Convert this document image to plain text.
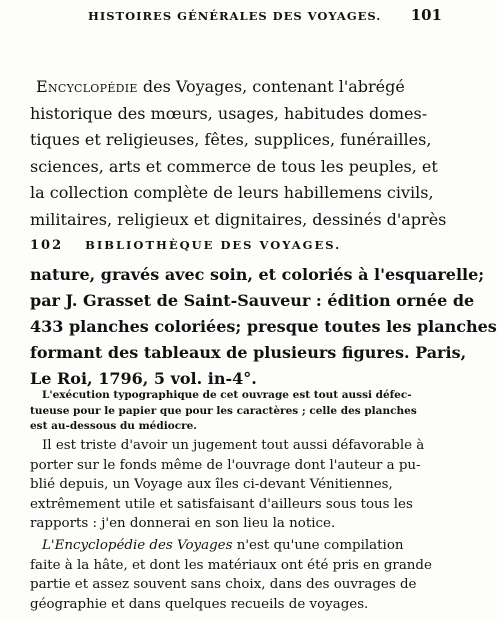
HISTOIRES GÉNÉRALES DES VOYAGES. 101
Encyclopédie des Voyages, contenant l'abrégé
historique des mœurs, usages, habitudes domes-
tiques et religieuses, fêtes, supplices, funérailles,
sciences, arts et commerce de tous les peuples, et
la collection complète de leurs habillemens civils,
militaires, religieux et dignitaires, dessinés d'après
102 BIBLIOTHÈQUE DES VOYAGES.
nature, gravés avec soin, et coloriés à l'esquarelle;
par J. Grasset de Saint-Sauveur : édition ornée de
433 planches coloriées; presque toutes les planches
formant des tableaux de plusieurs figures. Paris,
Le Roi, 1796, 5 vol. in-4°.
L'exécution typographique de cet ouvrage est tout aussi défec-
tueuse pour le papier que pour les caractères ; celle des planches
est au-dessous du médiocre.
Il est triste d'avoir un jugement tout aussi défavorable à
porter sur le fonds même de l'ouvrage dont l'auteur a pu-
blié depuis, un Voyage aux îles ci-devant Vénitiennes,
extrêmement utile et satisfaisant d'ailleurs sous tous les
rapports : j'en donnerai en son lieu la notice.
L'Encyclopédie des Voyages n'est qu'une compilation
faite à la hâte, et dont les matériaux ont été pris en grande
partie et assez souvent sans choix, dans des ouvrages de
géographie et dans quelques recueils de voyages.
